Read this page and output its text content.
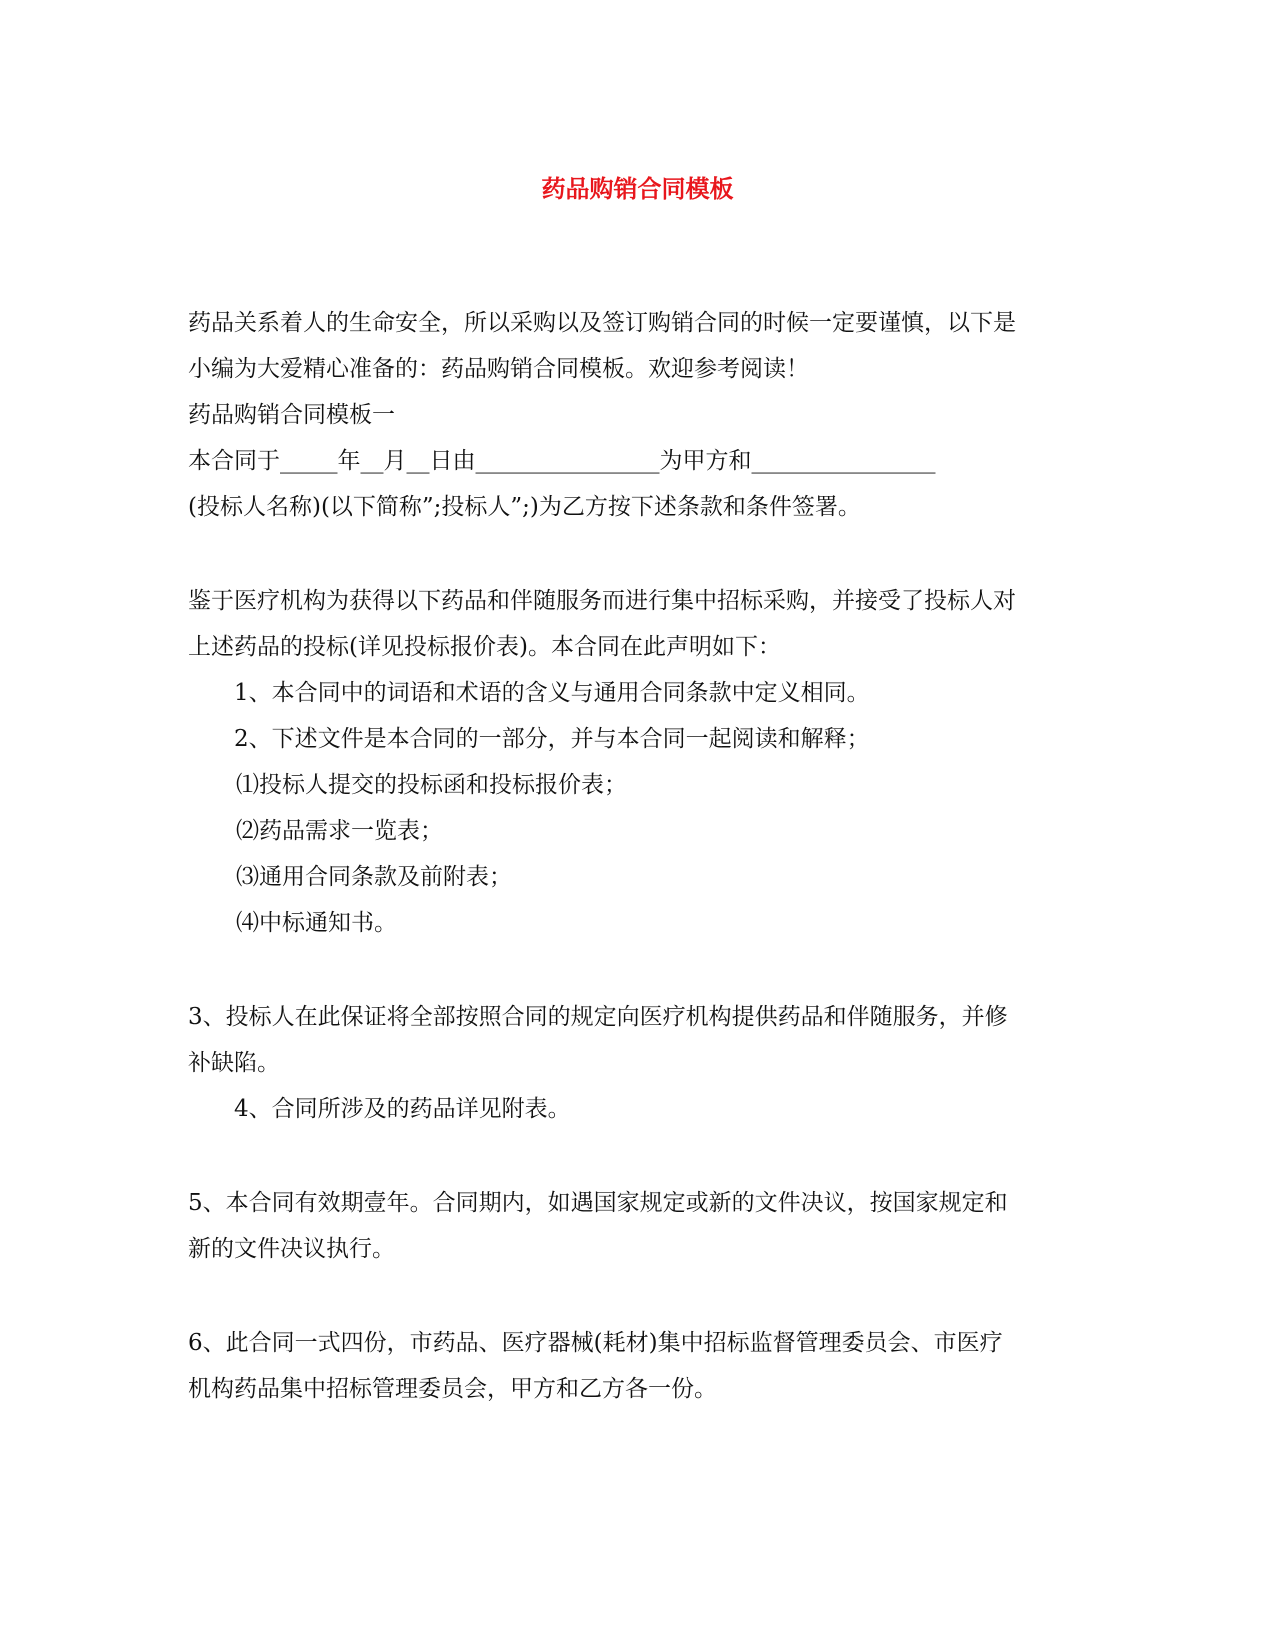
药品购销合同模板

药品关系着人的生命安全，所以采购以及签订购销合同的时候一定要谨慎，以下是

小编为大爱精心准备的：药品购销合同模板。欢迎参考阅读！

药品购销合同模板一

本合同于_____年__月__日由________________为甲方和________________

(投标人名称)(以下简称”;投标人”;)为乙方按下述条款和条件签署。

鉴于医疗机构为获得以下药品和伴随服务而进行集中招标采购，并接受了投标人对

上述药品的投标(详见投标报价表)。本合同在此声明如下：

1、本合同中的词语和术语的含义与通用合同条款中定义相同。

2、下述文件是本合同的一部分，并与本合同一起阅读和解释；

⑴投标人提交的投标函和投标报价表；

⑵药品需求一览表；

⑶通用合同条款及前附表；

⑷中标通知书。

3、投标人在此保证将全部按照合同的规定向医疗机构提供药品和伴随服务，并修

补缺陷。

4、合同所涉及的药品详见附表。

5、本合同有效期壹年。合同期内，如遇国家规定或新的文件决议，按国家规定和

新的文件决议执行。

6、此合同一式四份，市药品、医疗器械(耗材)集中招标监督管理委员会、市医疗

机构药品集中招标管理委员会，甲方和乙方各一份。
